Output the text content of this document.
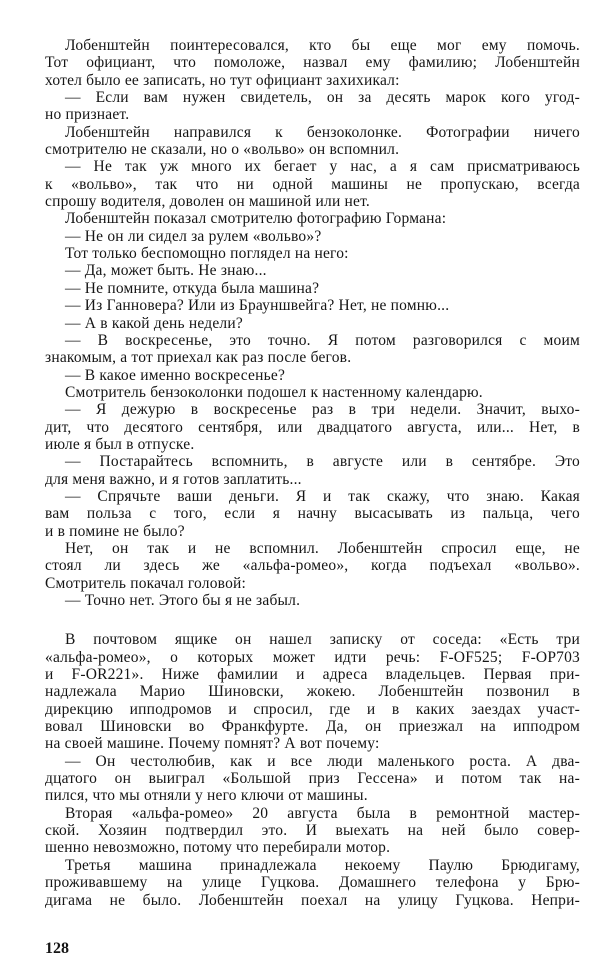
Лобенштейн поинтересовался, кто бы еще мог ему помочь.
Тот официант, что помоложе, назвал ему фамилию; Лобенштейн
хотел было ее записать, но тут официант захихикал:
— Если вам нужен свидетель, он за десять марок кого угод-
но признает.
Лобенштейн направился к бензоколонке. Фотографии ничего
смотрителю не сказали, но о «вольво» он вспомнил.
— Не так уж много их бегает у нас, а я сам присматриваюсь
к «вольво», так что ни одной машины не пропускаю, всегда
спрошу водителя, доволен он машиной или нет.
Лобенштейн показал смотрителю фотографию Гормана:
— Не он ли сидел за рулем «вольво»?
Тот только беспомощно поглядел на него:
— Да, может быть. Не знаю...
— Не помните, откуда была машина?
— Из Ганновера? Или из Брауншвейга? Нет, не помню...
— А в какой день недели?
— В воскресенье, это точно. Я потом разговорился с моим
знакомым, а тот приехал как раз после бегов.
— В какое именно воскресенье?
Смотритель бензоколонки подошел к настенному календарю.
— Я дежурю в воскресенье раз в три недели. Значит, выхо-
дит, что десятого сентября, или двадцатого августа, или... Нет, в
июле я был в отпуске.
— Постарайтесь вспомнить, в августе или в сентябре. Это
для меня важно, и я готов заплатить...
— Спрячьте ваши деньги. Я и так скажу, что знаю. Какая
вам польза с того, если я начну высасывать из пальца, чего
и в помине не было?
Нет, он так и не вспомнил. Лобенштейн спросил еще, не
стоял ли здесь же «альфа-ромео», когда подъехал «вольво».
Смотритель покачал головой:
— Точно нет. Этого бы я не забыл.
В почтовом ящике он нашел записку от соседа: «Есть три
«альфа-ромео», о которых может идти речь: F-OF525; F-OP703
и F-OR221». Ниже фамилии и адреса владельцев. Первая при-
надлежала Марио Шиновски, жокею. Лобенштейн позвонил в
дирекцию ипподромов и спросил, где и в каких заездах участ-
вовал Шиновски во Франкфурте. Да, он приезжал на ипподром
на своей машине. Почему помнят? А вот почему:
— Он честолюбив, как и все люди маленького роста. А два-
дцатого он выиграл «Большой приз Гессена» и потом так на-
пился, что мы отняли у него ключи от машины.
Вторая «альфа-ромео» 20 августа была в ремонтной мастер-
ской. Хозяин подтвердил это. И выехать на ней было совер-
шенно невозможно, потому что перебирали мотор.
Третья машина принадлежала некоему Паулю Брюдигаму,
проживавшему на улице Гуцкова. Домашнего телефона у Брю-
дигама не было. Лобенштейн поехал на улицу Гуцкова. Непри-
128
